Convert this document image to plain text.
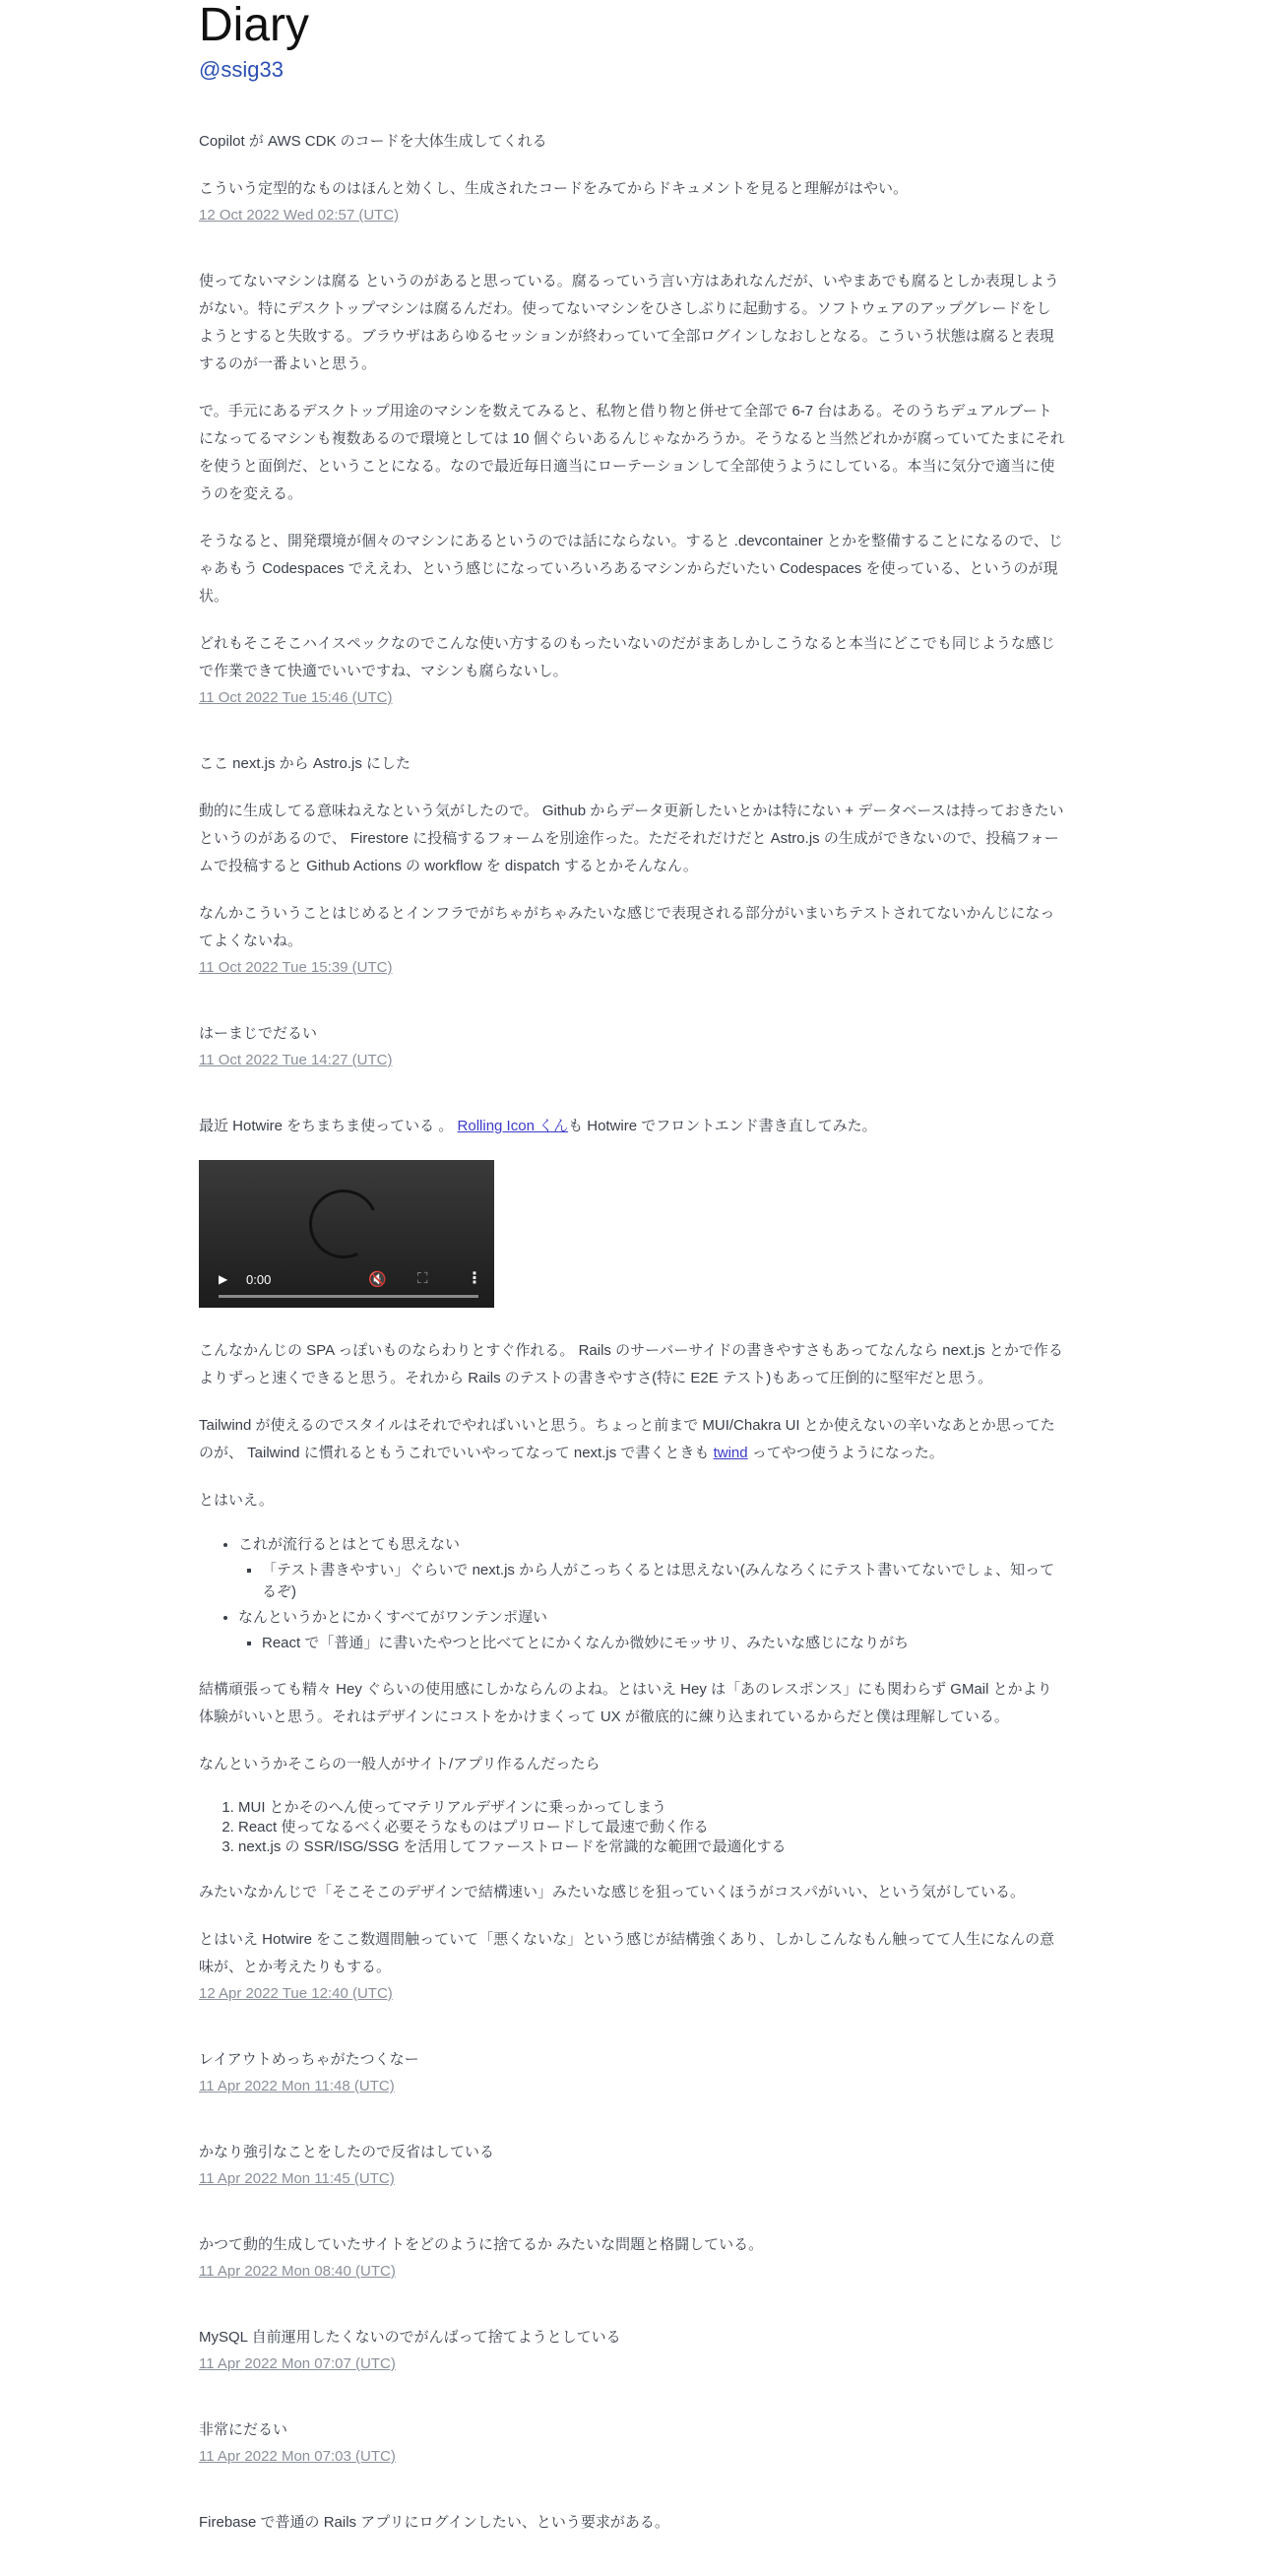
Diary
@ssig33

Copilot が AWS CDK のコードを大体生成してくれる

こういう定型的なものはほんと効くし、生成されたコードをみてからドキュメントを見ると理解がはやい。

12 Oct 2022 Wed 02:57 (UTC)

使ってないマシンは腐る というのがあると思っている。腐るっていう言い方はあれなんだが、いやまあでも腐るとしか表現しようがない。特にデスクトップマシンは腐るんだわ。使ってないマシンをひさしぶりに起動する。ソフトウェアのアップグレードをしようとすると失敗する。ブラウザはあらゆるセッションが終わっていて全部ログインしなおしとなる。こういう状態は腐ると表現するのが一番よいと思う。

で。手元にあるデスクトップ用途のマシンを数えてみると、私物と借り物と併せて全部で 6-7 台はある。そのうちデュアルブートになってるマシンも複数あるので環境としては 10 個ぐらいあるんじゃなかろうか。そうなると当然どれかが腐っていてたまにそれを使うと面倒だ、ということになる。なので最近毎日適当にローテーションして全部使うようにしている。本当に気分で適当に使うのを変える。

そうなると、開発環境が個々のマシンにあるというのでは話にならない。すると .devcontainer とかを整備することになるので、じゃあもう Codespaces でええわ、という感じになっていろいろあるマシンからだいたい Codespaces を使っている、というのが現状。

どれもそこそこハイスペックなのでこんな使い方するのもったいないのだがまあしかしこうなると本当にどこでも同じような感じで作業できて快適でいいですね、マシンも腐らないし。

11 Oct 2022 Tue 15:46 (UTC)

ここ next.js から Astro.js にした

動的に生成してる意味ねえなという気がしたので。 Github からデータ更新したいとかは特にない + データベースは持っておきたいというのがあるので、 Firestore に投稿するフォームを別途作った。ただそれだけだと Astro.js の生成ができないので、投稿フォームで投稿すると Github Actions の workflow を dispatch するとかそんなん。

なんかこういうことはじめるとインフラでがちゃがちゃみたいな感じで表現される部分がいまいちテストされてないかんじになってよくないね。

11 Oct 2022 Tue 15:39 (UTC)

はーまじでだるい

11 Oct 2022 Tue 14:27 (UTC)

最近 Hotwire をちまちま使っている 。 Rolling Icon くんも Hotwire でフロントエンド書き直してみた。

▶ 0:00	🔇 ⛶ ⋮

こんなかんじの SPA っぽいものならわりとすぐ作れる。 Rails のサーバーサイドの書きやすさもあってなんなら next.js とかで作るよりずっと速くできると思う。それから Rails のテストの書きやすさ(特に E2E テスト)もあって圧倒的に堅牢だと思う。

Tailwind が使えるのでスタイルはそれでやればいいと思う。ちょっと前まで MUI/Chakra UI とか使えないの辛いなあとか思ってたのが、 Tailwind に慣れるともうこれでいいやってなって next.js で書くときも twind ってやつ使うようになった。

とはいえ。

• これが流行るとはとても思えない
▪ 「テスト書きやすい」ぐらいで next.js から人がこっちくるとは思えない(みんなろくにテスト書いてないでしょ、知ってるぞ)
• なんというかとにかくすべてがワンテンポ遅い
▪ React で「普通」に書いたやつと比べてとにかくなんか微妙にモッサリ、みたいな感じになりがち

結構頑張っても精々 Hey ぐらいの使用感にしかならんのよね。とはいえ Hey は「あのレスポンス」にも関わらず GMail とかより体験がいいと思う。それはデザインにコストをかけまくって UX が徹底的に練り込まれているからだと僕は理解している。

なんというかそこらの一般人がサイト/アプリ作るんだったら

1. MUI とかそのへん使ってマテリアルデザインに乗っかってしまう
2. React 使ってなるべく必要そうなものはプリロードして最速で動く作る
3. next.js の SSR/ISG/SSG を活用してファーストロードを常識的な範囲で最適化する

みたいなかんじで「そこそこのデザインで結構速い」みたいな感じを狙っていくほうがコスパがいい、という気がしている。

とはいえ Hotwire をここ数週間触っていて「悪くないな」という感じが結構強くあり、しかしこんなもん触ってて人生になんの意味が、とか考えたりもする。

12 Apr 2022 Tue 12:40 (UTC)

レイアウトめっちゃがたつくなー

11 Apr 2022 Mon 11:48 (UTC)

かなり強引なことをしたので反省はしている

11 Apr 2022 Mon 11:45 (UTC)

かつて動的生成していたサイトをどのように捨てるか みたいな問題と格闘している。

11 Apr 2022 Mon 08:40 (UTC)

MySQL 自前運用したくないのでがんばって捨てようとしている

11 Apr 2022 Mon 07:07 (UTC)

非常にだるい

11 Apr 2022 Mon 07:03 (UTC)

Firebase で普通の Rails アプリにログインしたい、という要求がある。
